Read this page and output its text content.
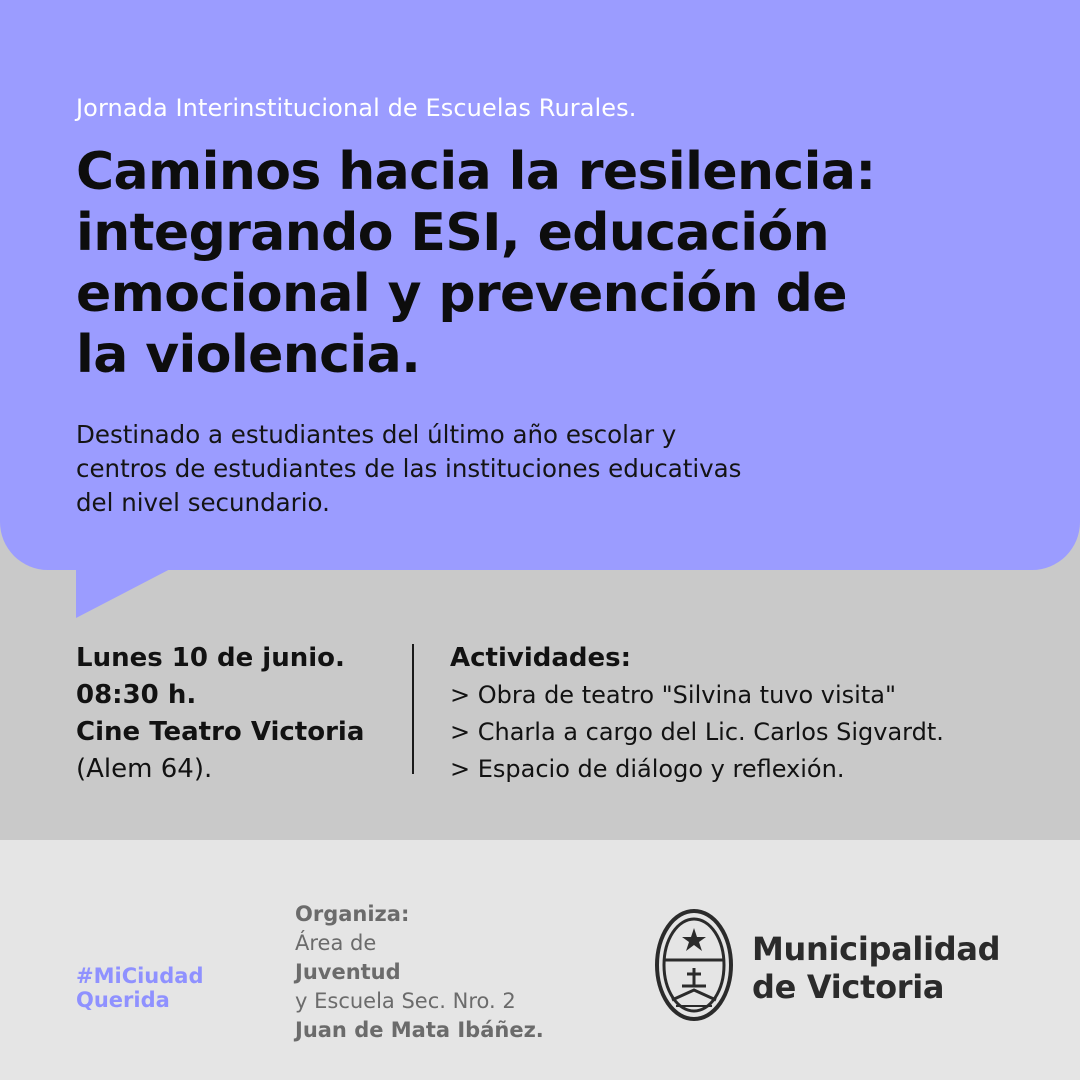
Jornada Interinstitucional de Escuelas Rurales.
Caminos hacia la resilencia:
integrando ESI, educación
emocional y prevención de
la violencia.
Destinado a estudiantes del último año escolar y
centros de estudiantes de las instituciones educativas
del nivel secundario.
Lunes 10 de junio.
08:30 h.
Cine Teatro Victoria
(Alem 64).
Actividades:
> Obra de teatro "Silvina tuvo visita"
> Charla a cargo del Lic. Carlos Sigvardt.
> Espacio de diálogo y reflexión.
#MiCiudad
Querida
Organiza:
Área de
Juventud
y Escuela Sec. Nro. 2
Juan de Mata Ibáñez.
Municipalidad
de Victoria
